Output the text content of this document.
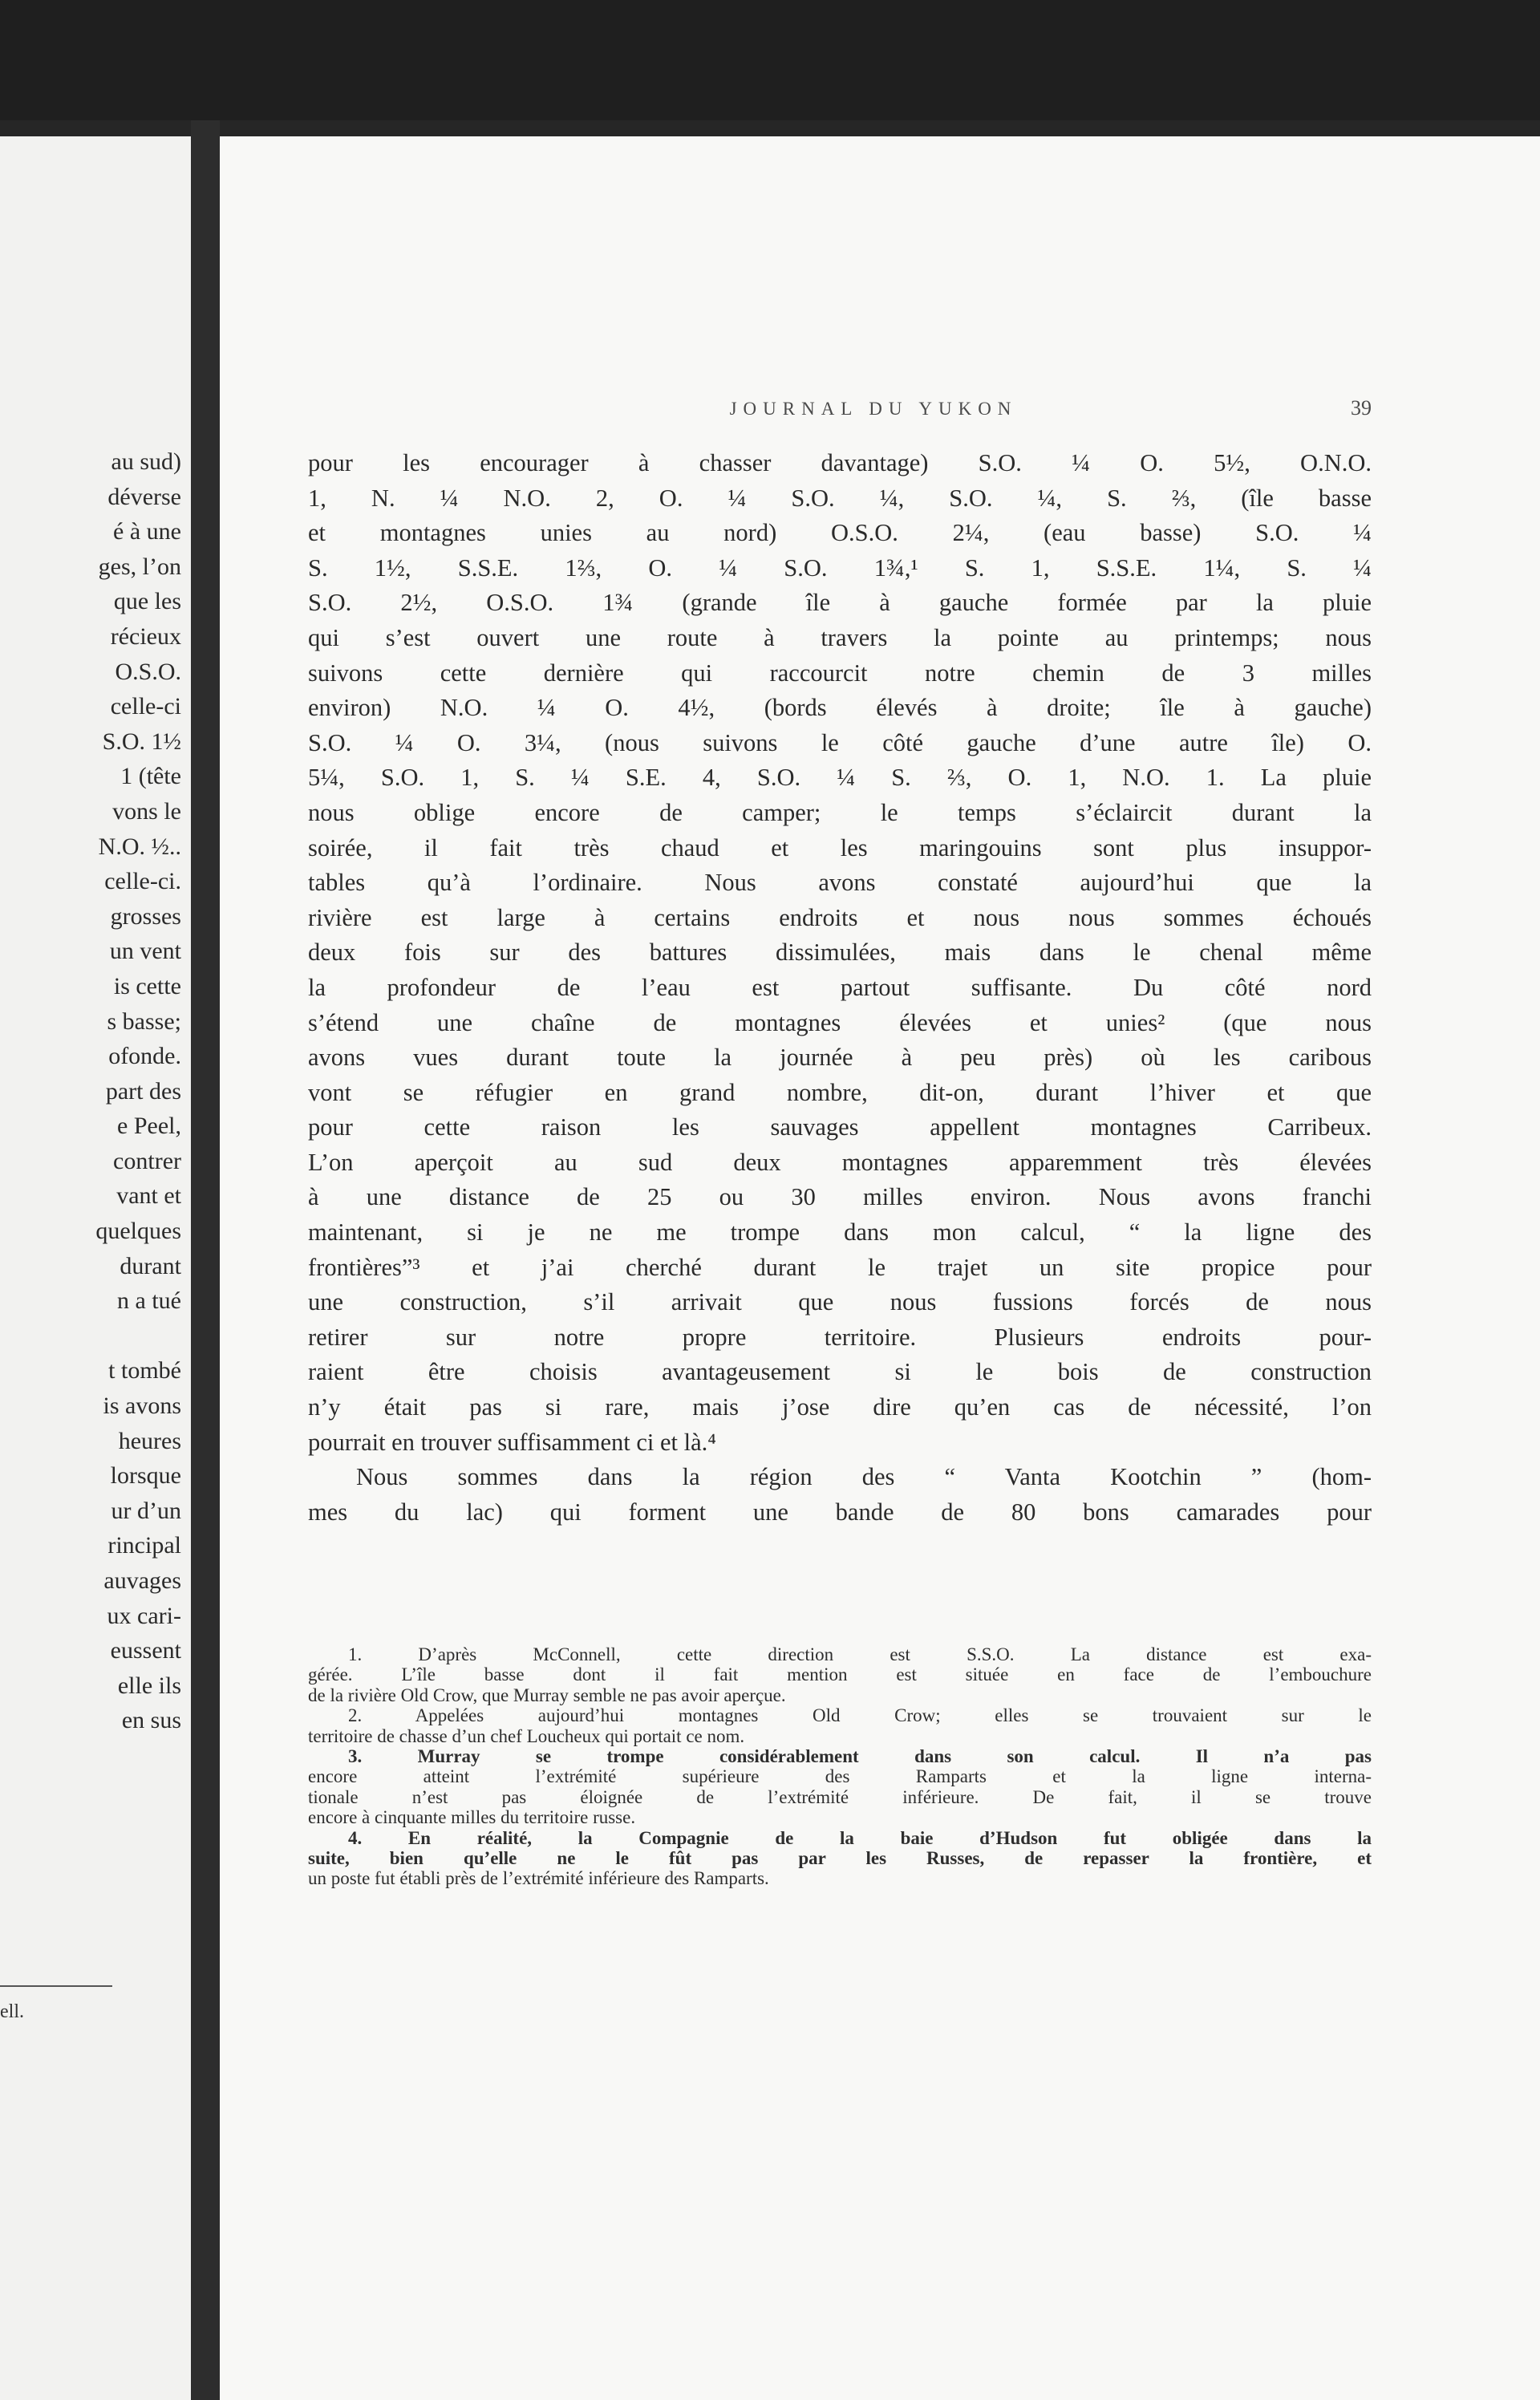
au sud)
déverse
é à une
ges, l’on
que les
récieux
O.S.O.
celle-ci
S.O. 1½
1 (tête
vons le
N.O. ½..
celle-ci.
grosses
un vent
is cette
s basse;
ofonde.
part des
e Peel,
contrer
vant et
quelques
durant
n a tué

t tombé
is avons
heures
lorsque
ur d’un
rincipal
auvages
ux cari-
eussent
elle ils
en sus
ell.
JOURNAL DU YUKON	39
pour les encourager à chasser davantage) S.O. ¼ O. 5½, O.N.O.
1, N. ¼ N.O. 2, O. ¼ S.O. ¼, S.O. ¼, S. ⅔, (île basse
et montagnes unies au nord) O.S.O. 2¼, (eau basse) S.O. ¼
S. 1½, S.S.E. 1⅔, O. ¼ S.O. 1¾,¹ S. 1, S.S.E. 1¼, S. ¼
S.O. 2½, O.S.O. 1¾ (grande île à gauche formée par la pluie
qui s’est ouvert une route à travers la pointe au printemps; nous
suivons cette dernière qui raccourcit notre chemin de 3 milles
environ) N.O. ¼ O. 4½, (bords élevés à droite; île à gauche)
S.O. ¼ O. 3¼, (nous suivons le côté gauche d’une autre île) O.
5¼, S.O. 1, S. ¼ S.E. 4, S.O. ¼ S. ⅔, O. 1, N.O. 1. La pluie
nous oblige encore de camper; le temps s’éclaircit durant la
soirée, il fait très chaud et les maringouins sont plus insuppor-
tables qu’à l’ordinaire. Nous avons constaté aujourd’hui que la
rivière est large à certains endroits et nous nous sommes échoués
deux fois sur des battures dissimulées, mais dans le chenal même
la profondeur de l’eau est partout suffisante. Du côté nord
s’étend une chaîne de montagnes élevées et unies² (que nous
avons vues durant toute la journée à peu près) où les caribous
vont se réfugier en grand nombre, dit-on, durant l’hiver et que
pour cette raison les sauvages appellent montagnes Carribeux.
L’on aperçoit au sud deux montagnes apparemment très élevées
à une distance de 25 ou 30 milles environ. Nous avons franchi
maintenant, si je ne me trompe dans mon calcul, “ la ligne des
frontières”³ et j’ai cherché durant le trajet un site propice pour
une construction, s’il arrivait que nous fussions forcés de nous
retirer sur notre propre territoire. Plusieurs endroits pour-
raient être choisis avantageusement si le bois de construction
n’y était pas si rare, mais j’ose dire qu’en cas de nécessité, l’on
pourrait en trouver suffisamment ci et là.⁴
Nous sommes dans la région des “ Vanta Kootchin ” (hom-
mes du lac) qui forment une bande de 80 bons camarades pour
1. D’après McConnell, cette direction est S.S.O. La distance est exa-
gérée. L’île basse dont il fait mention est située en face de l’embouchure
de la rivière Old Crow, que Murray semble ne pas avoir aperçue.
2. Appelées aujourd’hui montagnes Old Crow; elles se trouvaient sur le
territoire de chasse d’un chef Loucheux qui portait ce nom.
3. Murray se trompe considérablement dans son calcul. Il n’a pas
encore atteint l’extrémité supérieure des Ramparts et la ligne interna-
tionale n’est pas éloignée de l’extrémité inférieure. De fait, il se trouve
encore à cinquante milles du territoire russe.
4. En réalité, la Compagnie de la baie d’Hudson fut obligée dans la
suite, bien qu’elle ne le fût pas par les Russes, de repasser la frontière, et
un poste fut établi près de l’extrémité inférieure des Ramparts.
